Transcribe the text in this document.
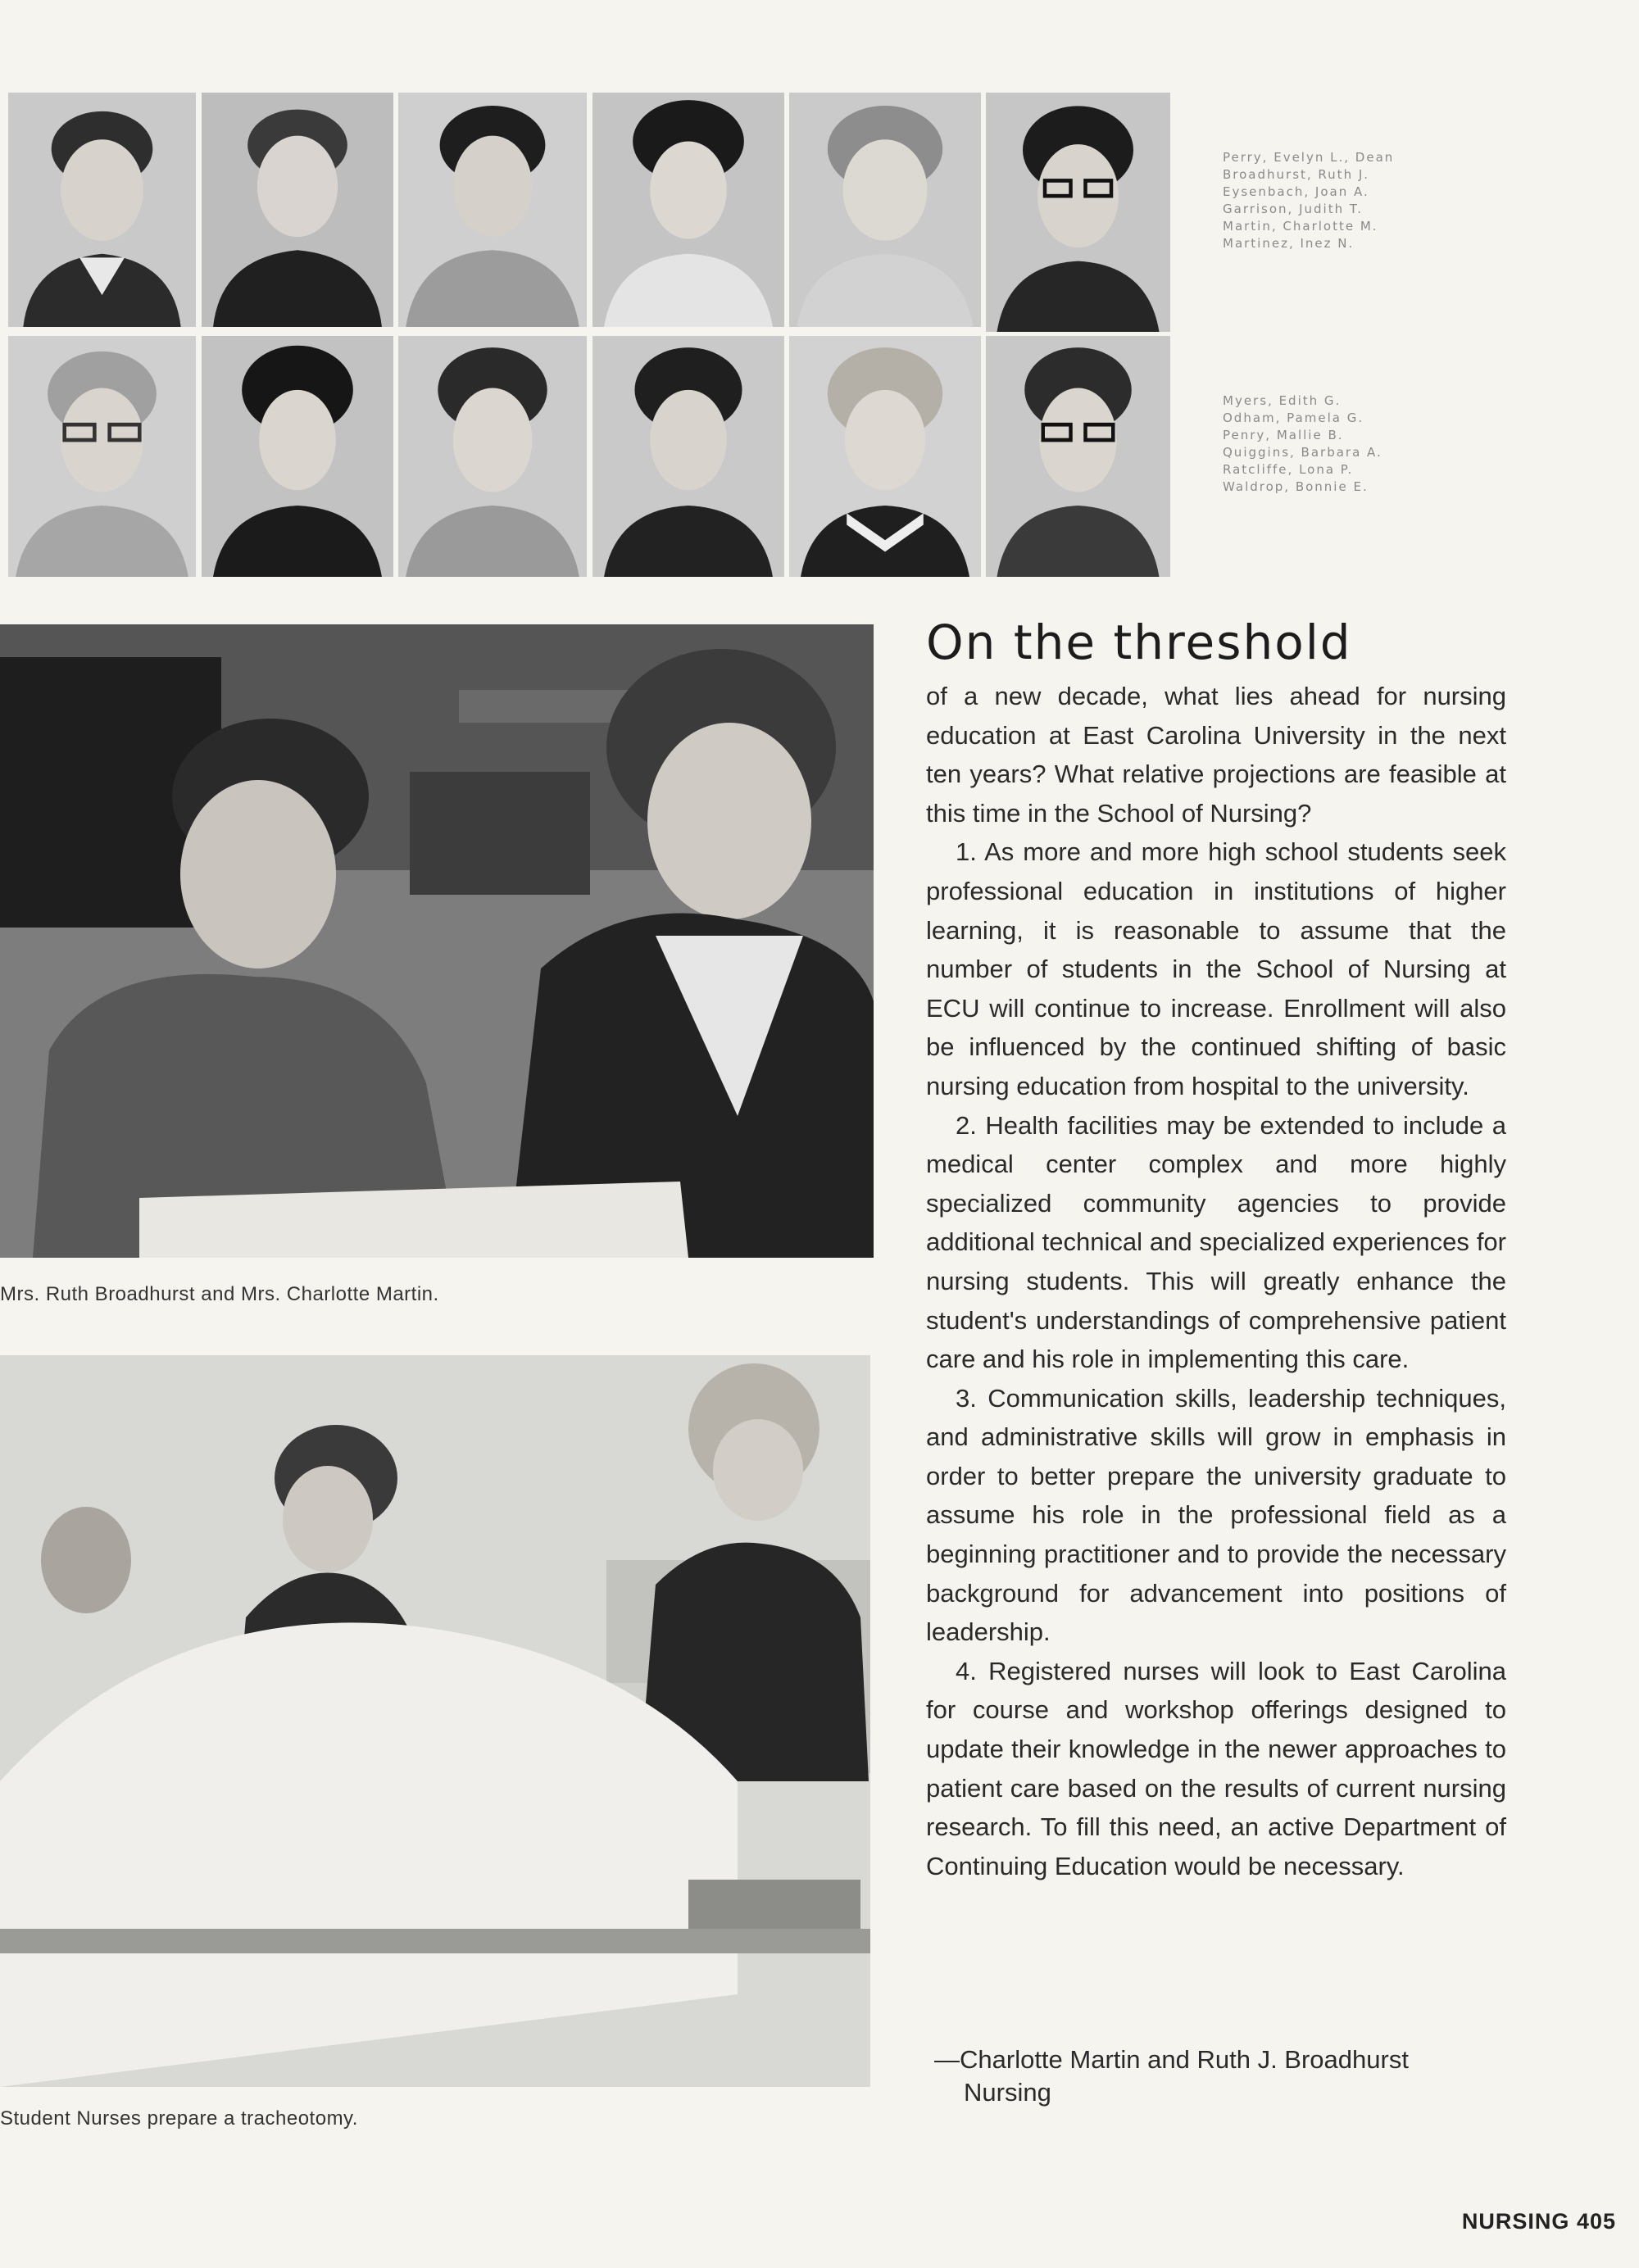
Perry, Evelyn L., Dean
Broadhurst, Ruth J.
Eysenbach, Joan A.
Garrison, Judith T.
Martin, Charlotte M.
Martinez, Inez N.
Myers, Edith G.
Odham, Pamela G.
Penry, Mallie B.
Quiggins, Barbara A.
Ratcliffe, Lona P.
Waldrop, Bonnie E.
Mrs. Ruth Broadhurst and Mrs. Charlotte Martin.
Student Nurses prepare a tracheotomy.
On the threshold

of a new decade, what lies ahead for nursing education at East Carolina University in the next ten years? What relative projections are feasible at this time in the School of Nursing?

1. As more and more high school students seek professional education in institutions of higher learning, it is reasonable to assume that the number of students in the School of Nursing at ECU will continue to increase. Enrollment will also be influenced by the continued shifting of basic nursing education from hospital to the university.

2. Health facilities may be extended to include a medical center complex and more highly specialized community agencies to provide additional technical and specialized experiences for nursing students. This will greatly enhance the student's understandings of comprehensive patient care and his role in implementing this care.

3. Communication skills, leadership techniques, and administrative skills will grow in emphasis in order to better prepare the university graduate to assume his role in the professional field as a beginning practitioner and to provide the necessary background for advancement into positions of leadership.

4. Registered nurses will look to East Carolina for course and workshop offerings designed to update their knowledge in the newer approaches to patient care based on the results of current nursing research. To fill this need, an active Department of Continuing Education would be necessary.

—Charlotte Martin and Ruth J. Broadhurst
Nursing
NURSING 405
